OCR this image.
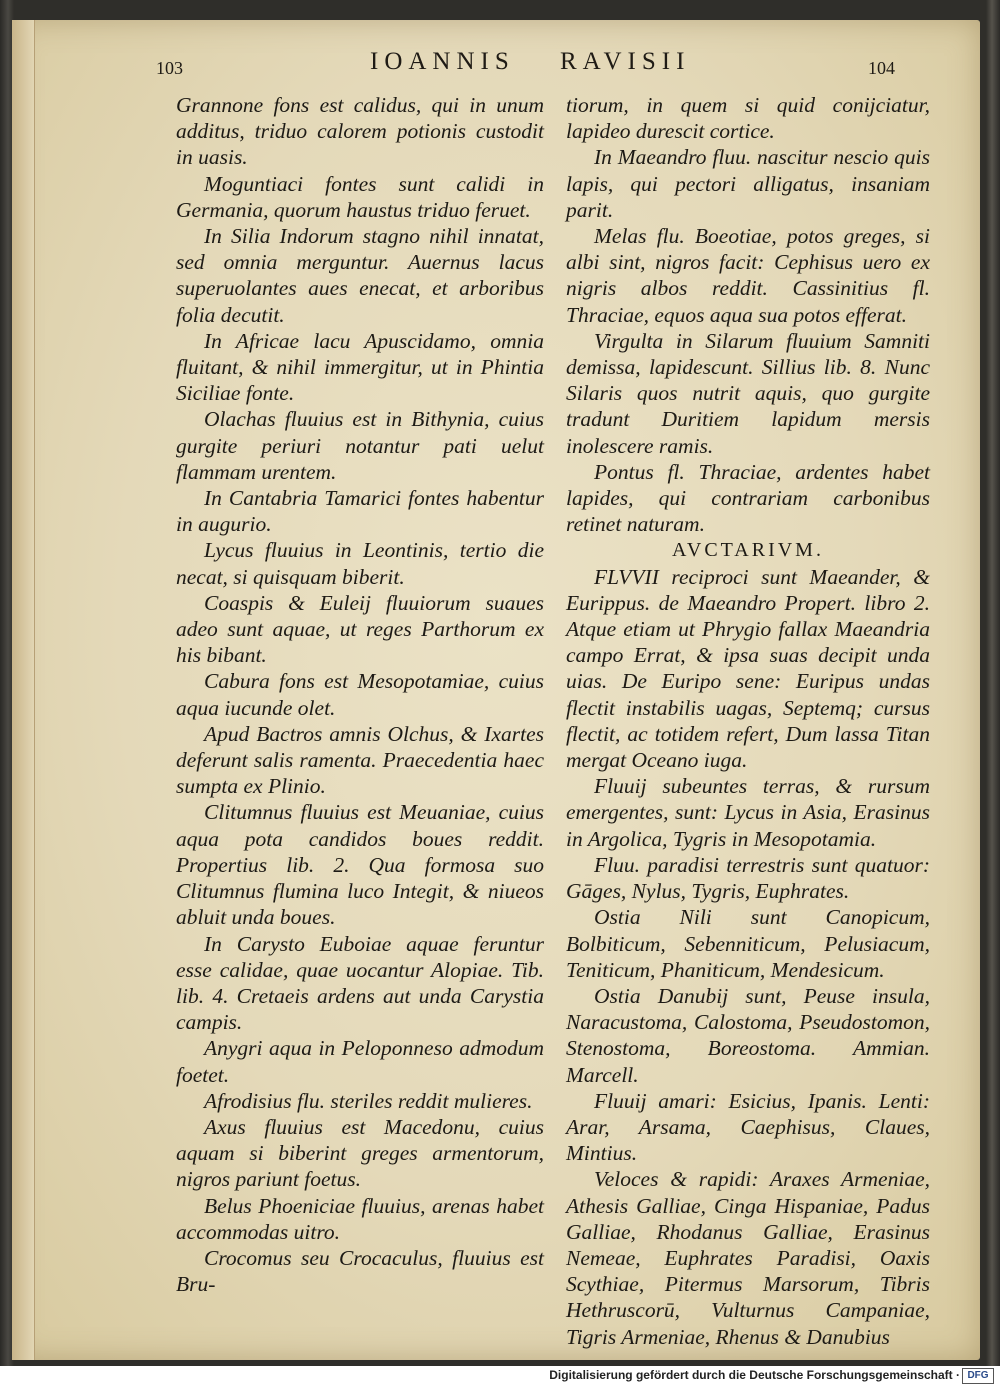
103	IOANNIS RAVISII	104

Grannone fons est calidus, qui in unum additus, triduo calorem potionis custodit in uasis.

Moguntiaci fontes sunt calidi in Germania, quorum haustus triduo feruet.

In Silia Indorum stagno nihil innatat, sed omnia merguntur. Auernus lacus superuolantes aues enecat, et arboribus folia decutit.

In Africae lacu Apuscidamo, omnia fluitant, & nihil immergitur, ut in Phintia Siciliae fonte.

Olachas fluuius est in Bithynia, cuius gurgite periuri notantur pati uelut flammam urentem.

In Cantabria Tamarici fontes habentur in augurio.

Lycus fluuius in Leontinis, tertio die necat, si quisquam biberit.

Coaspis & Euleij fluuiorum suaues adeo sunt aquae, ut reges Parthorum ex his bibant.

Cabura fons est Mesopotamiae, cuius aqua iucunde olet.

Apud Bactros amnis Olchus, & Ixartes deferunt salis ramenta. Praecedentia haec sumpta ex Plinio.

Clitumnus fluuius est Meuaniae, cuius aqua pota candidos boues reddit. Propertius lib. 2. Qua formosa suo Clitumnus flumina luco Integit, & niueos abluit unda boues.

In Carysto Euboiae aquae feruntur esse calidae, quae uocantur Alopiae. Tib. lib. 4. Cretaeis ardens aut unda Carystia campis.

Anygri aqua in Peloponneso admodum foetet.

Afrodisius flu. steriles reddit mulieres.

Axus fluuius est Macedonu, cuius aquam si biberint greges armentorum, nigros pariunt foetus.

Belus Phoeniciae fluuius, arenas habet accommodas uitro.

Crocomus seu Crocaculus, fluuius est Bru-

tiorum, in quem si quid conijciatur, lapideo durescit cortice.

In Maeandro fluu. nascitur nescio quis lapis, qui pectori alligatus, insaniam parit.

Melas flu. Boeotiae, potos greges, si albi sint, nigros facit: Cephisus uero ex nigris albos reddit. Cassinitius fl. Thraciae, equos aqua sua potos efferat.

Virgulta in Silarum fluuium Samniti demissa, lapidescunt. Sillius lib. 8. Nunc Silaris quos nutrit aquis, quo gurgite tradunt Duritiem lapidum mersis inolescere ramis.

Pontus fl. Thraciae, ardentes habet lapides, qui contrariam carbonibus retinet naturam.

AVCTARIVM.

FLVVII reciproci sunt Maeander, & Eurippus. de Maeandro Propert. libro 2. Atque etiam ut Phrygio fallax Maeandria campo Errat, & ipsa suas decipit unda uias. De Euripo sene: Euripus undas flectit instabilis uagas, Septemq; cursus flectit, ac totidem refert, Dum lassa Titan mergat Oceano iuga.

Fluuij subeuntes terras, & rursum emergentes, sunt: Lycus in Asia, Erasinus in Argolica, Tygris in Mesopotamia.

Fluu. paradisi terrestris sunt quatuor: Gāges, Nylus, Tygris, Euphrates.

Ostia Nili sunt Canopicum, Bolbiticum, Sebenniticum, Pelusiacum, Teniticum, Phaniticum, Mendesicum.

Ostia Danubij sunt, Peuse insula, Naracustoma, Calostoma, Pseudostomon, Stenostoma, Boreostoma. Ammian. Marcell.

Fluuij amari: Esicius, Ipanis. Lenti: Arar, Arsama, Caephisus, Claues, Mintius.

Veloces & rapidi: Araxes Armeniae, Athesis Galliae, Cinga Hispaniae, Padus Galliae, Rhodanus Galliae, Erasinus Nemeae, Euphrates Paradisi, Oaxis Scythiae, Pitermus Marsorum, Tibris Hethruscorū, Vulturnus Campaniae, Tigris Armeniae, Rhenus & Danubius

Digitalisierung gefördert durch die Deutsche Forschungsgemeinschaft · DFG
